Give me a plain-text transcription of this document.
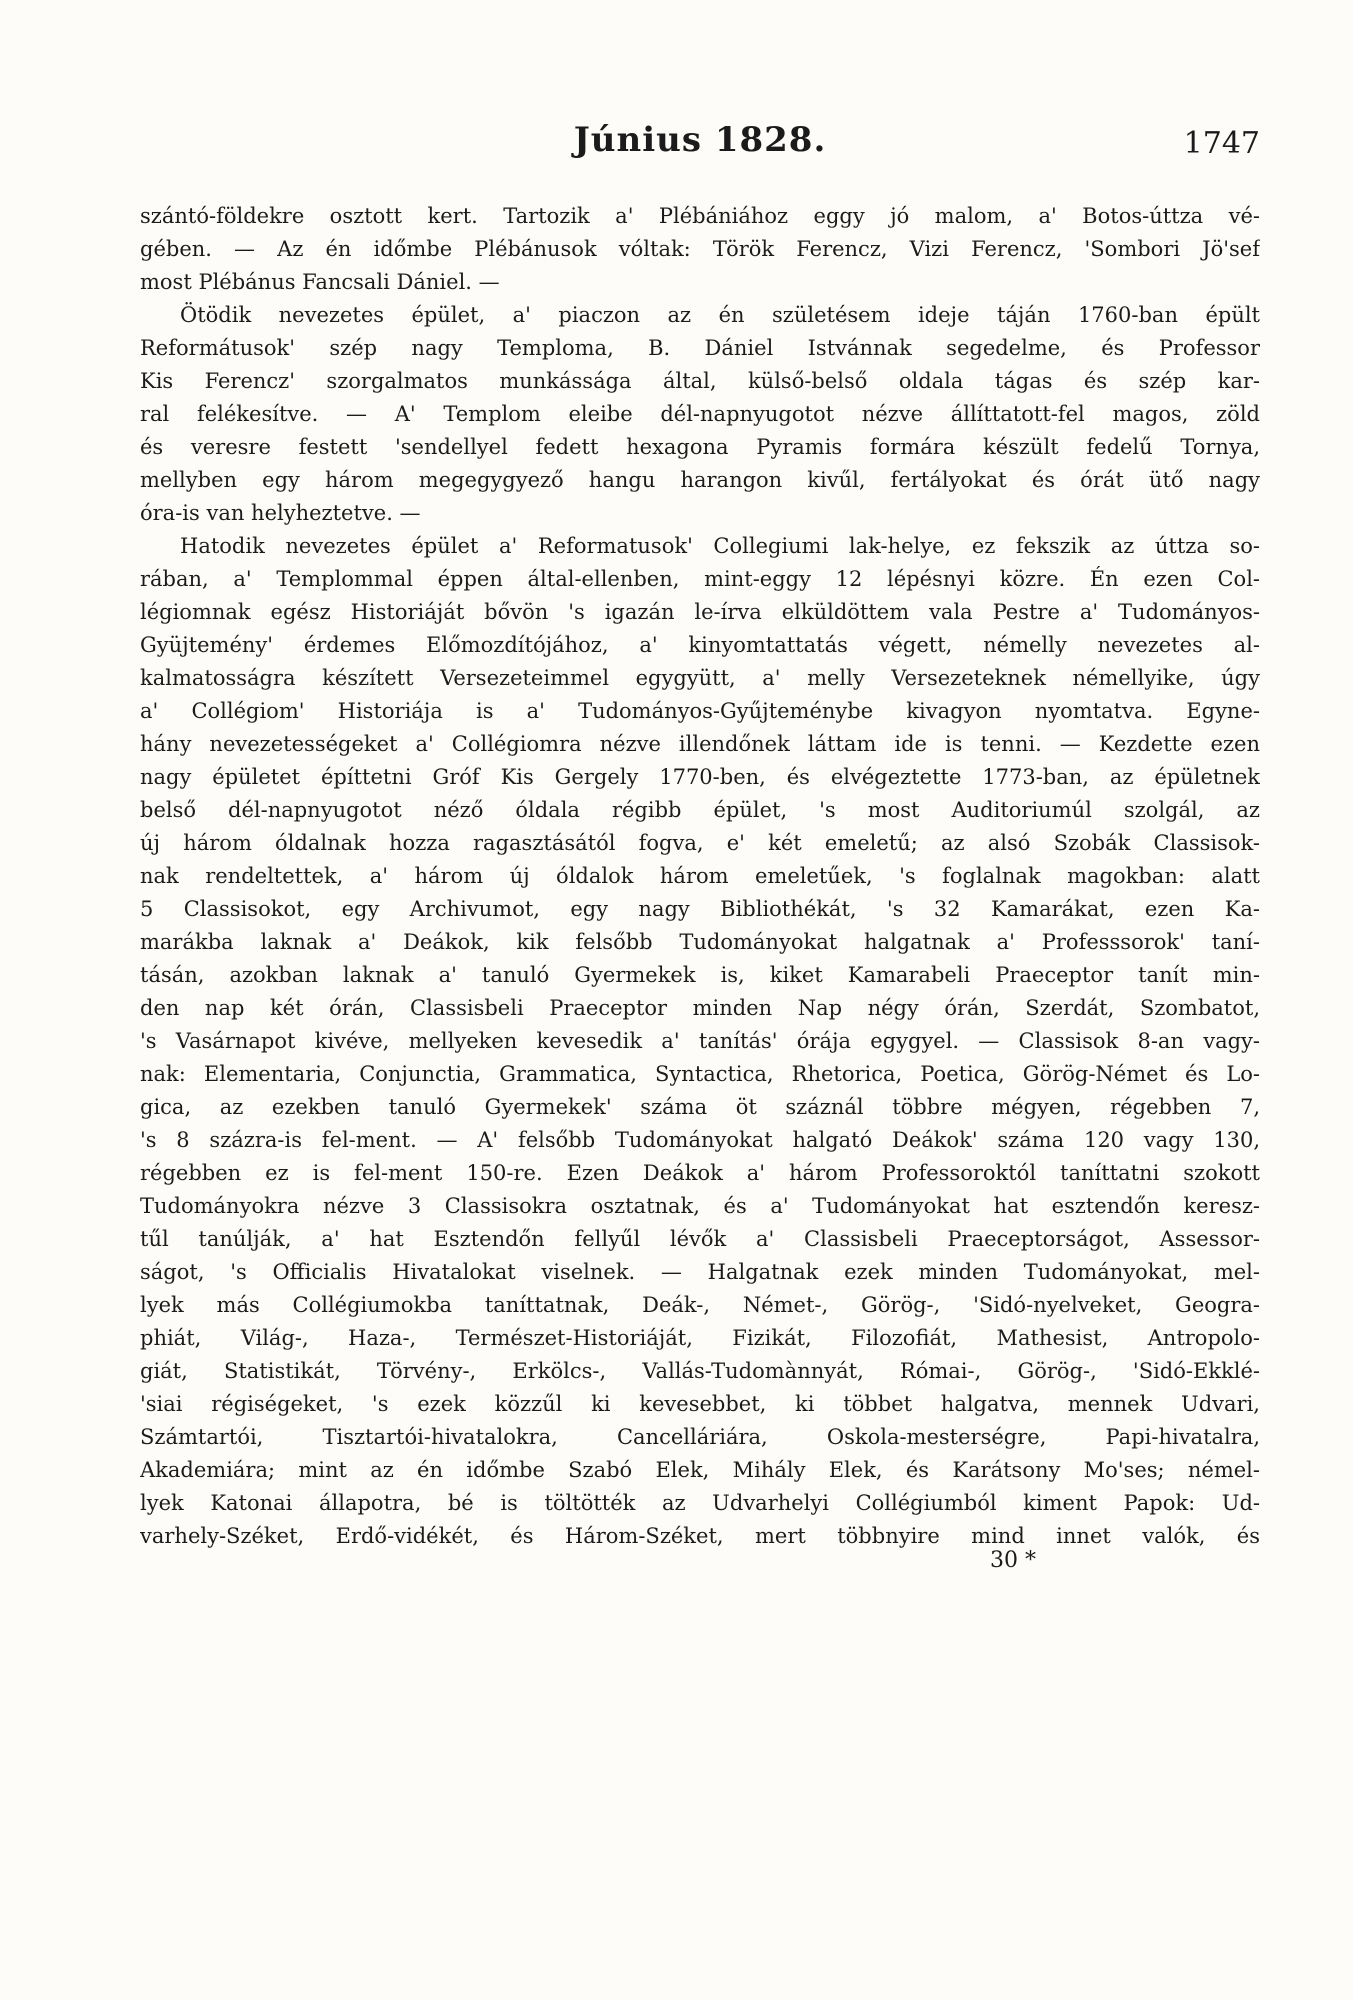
Június 1828.	1747
szántó-földekre osztott kert. Tartozik a' Plébániához eggy jó malom, a' Botos-úttza vé-
gében. — Az én időmbe Plébánusok vóltak: Török Ferencz, Vizi Ferencz, 'Sombori Jö'sef
most Plébánus Fancsali Dániel. —
Ötödik nevezetes épület, a' piaczon az én születésem ideje táján 1760-ban épült
Reformátusok' szép nagy Temploma, B. Dániel Istvánnak segedelme, és Professor
Kis Ferencz' szorgalmatos munkássága által, külső-belső oldala tágas és szép kar-
ral felékesítve. — A' Templom eleibe dél-napnyugotot nézve állíttatott-fel magos, zöld
és veresre festett 'sendellyel fedett hexagona Pyramis formára készült fedelű Tornya,
mellyben egy három megegygyező hangu harangon kivűl, fertályokat és órát ütő nagy
óra-is van helyheztetve. —
Hatodik nevezetes épület a' Reformatusok' Collegiumi lak-helye, ez fekszik az úttza so-
rában, a' Templommal éppen által-ellenben, mint-eggy 12 lépésnyi közre. Én ezen Col-
légiomnak egész Historiáját bővön 's igazán le-írva elküldöttem vala Pestre a' Tudományos-
Gyüjtemény' érdemes Előmozdítójához, a' kinyomtattatás végett, némelly nevezetes al-
kalmatosságra készített Versezeteimmel egygyütt, a' melly Versezeteknek némellyike, úgy
a' Collégiom' Historiája is a' Tudományos-Gyűjteménybe kivagyon nyomtatva. Egyne-
hány nevezetességeket a' Collégiomra nézve illendőnek láttam ide is tenni. — Kezdette ezen
nagy épületet építtetni Gróf Kis Gergely 1770-ben, és elvégeztette 1773-ban, az épületnek
belső dél-napnyugotot néző óldala régibb épület, 's most Auditoriumúl szolgál, az
új három óldalnak hozza ragasztásától fogva, e' két emeletű; az alsó Szobák Classisok-
nak rendeltettek, a' három új óldalok három emeletűek, 's foglalnak magokban: alatt
5 Classisokot, egy Archivumot, egy nagy Bibliothékát, 's 32 Kamarákat, ezen Ka-
marákba laknak a' Deákok, kik felsőbb Tudományokat halgatnak a' Professsorok' taní-
tásán, azokban laknak a' tanuló Gyermekek is, kiket Kamarabeli Praeceptor tanít min-
den nap két órán, Classisbeli Praeceptor minden Nap négy órán, Szerdát, Szombatot,
's Vasárnapot kivéve, mellyeken kevesedik a' tanítás' órája egygyel. — Classisok 8-an vagy-
nak: Elementaria, Conjunctia, Grammatica, Syntactica, Rhetorica, Poetica, Görög-Német és Lo-
gica, az ezekben tanuló Gyermekek' száma öt száznál többre mégyen, régebben 7,
's 8 százra-is fel-ment. — A' felsőbb Tudományokat halgató Deákok' száma 120 vagy 130,
régebben ez is fel-ment 150-re. Ezen Deákok a' három Professoroktól taníttatni szokott
Tudományokra nézve 3 Classisokra osztatnak, és a' Tudományokat hat esztendőn keresz-
tűl tanúlják, a' hat Esztendőn fellyűl lévők a' Classisbeli Praeceptorságot, Assessor-
ságot, 's Officialis Hivatalokat viselnek. — Halgatnak ezek minden Tudományokat, mel-
lyek más Collégiumokba taníttatnak, Deák-, Német-, Görög-, 'Sidó-nyelveket, Geogra-
phiát, Világ-, Haza-, Természet-Historiáját, Fizikát, Filozofiát, Mathesist, Antropolo-
giát, Statistikát, Törvény-, Erkölcs-, Vallás-Tudomànnyát, Római-, Görög-, 'Sidó-Ekklé-
'siai régiségeket, 's ezek közzűl ki kevesebbet, ki többet halgatva, mennek Udvari,
Számtartói, Tisztartói-hivatalokra, Cancelláriára, Oskola-mesterségre, Papi-hivatalra,
Akademiára; mint az én időmbe Szabó Elek, Mihály Elek, és Karátsony Mo'ses; némel-
lyek Katonai állapotra, bé is töltötték az Udvarhelyi Collégiumból kiment Papok: Ud-
varhely-Széket, Erdő-vidékét, és Három-Széket, mert többnyire mind innet valók, és
30 *
